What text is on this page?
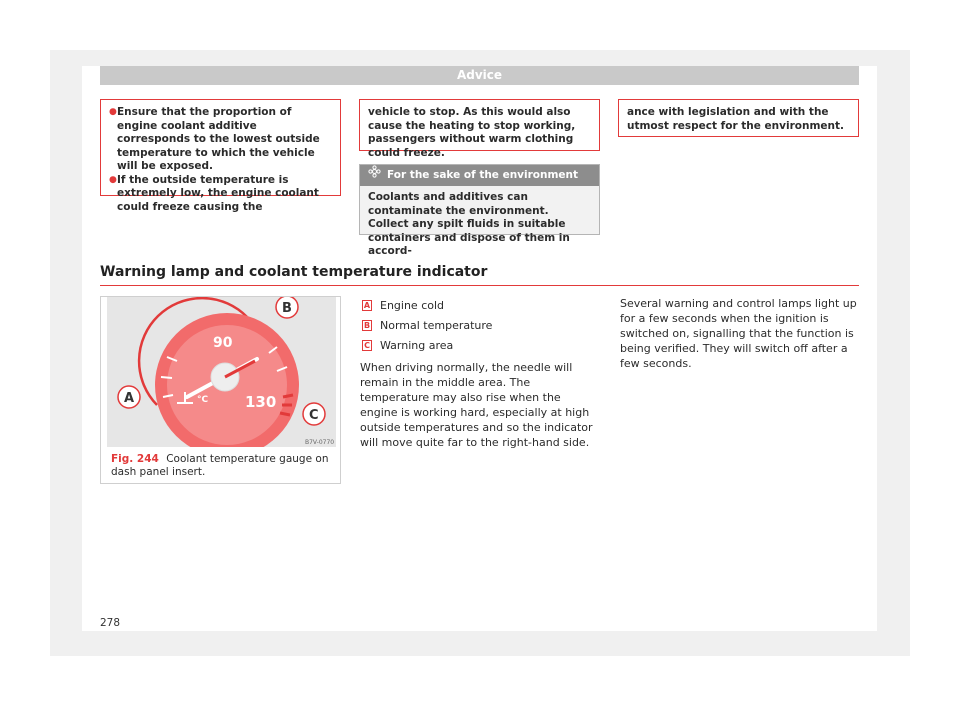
Advice
● Ensure that the proportion of engine coolant additive corresponds to the lowest outside temperature to which the vehicle will be exposed.
● If the outside temperature is extremely low, the engine coolant could freeze causing the

vehicle to stop. As this would also cause the heating to stop working, passengers without warm clothing could freeze.

ance with legislation and with the utmost respect for the environment.

For the sake of the environment
Coolants and additives can contaminate the environment. Collect any spilt fluids in suitable containers and dispose of them in accord-
Warning lamp and coolant temperature indicator
90
130
°C
B
A
C
B7V-0770
Fig. 244 Coolant temperature gauge on dash panel insert.
A Engine cold
B Normal temperature
C Warning area
When driving normally, the needle will remain in the middle area. The temperature may also rise when the engine is working hard, especially at high outside temperatures and so the indicator will move quite far to the right-hand side.
Several warning and control lamps light up for a few seconds when the ignition is switched on, signalling that the function is being verified. They will switch off after a few seconds.
278
